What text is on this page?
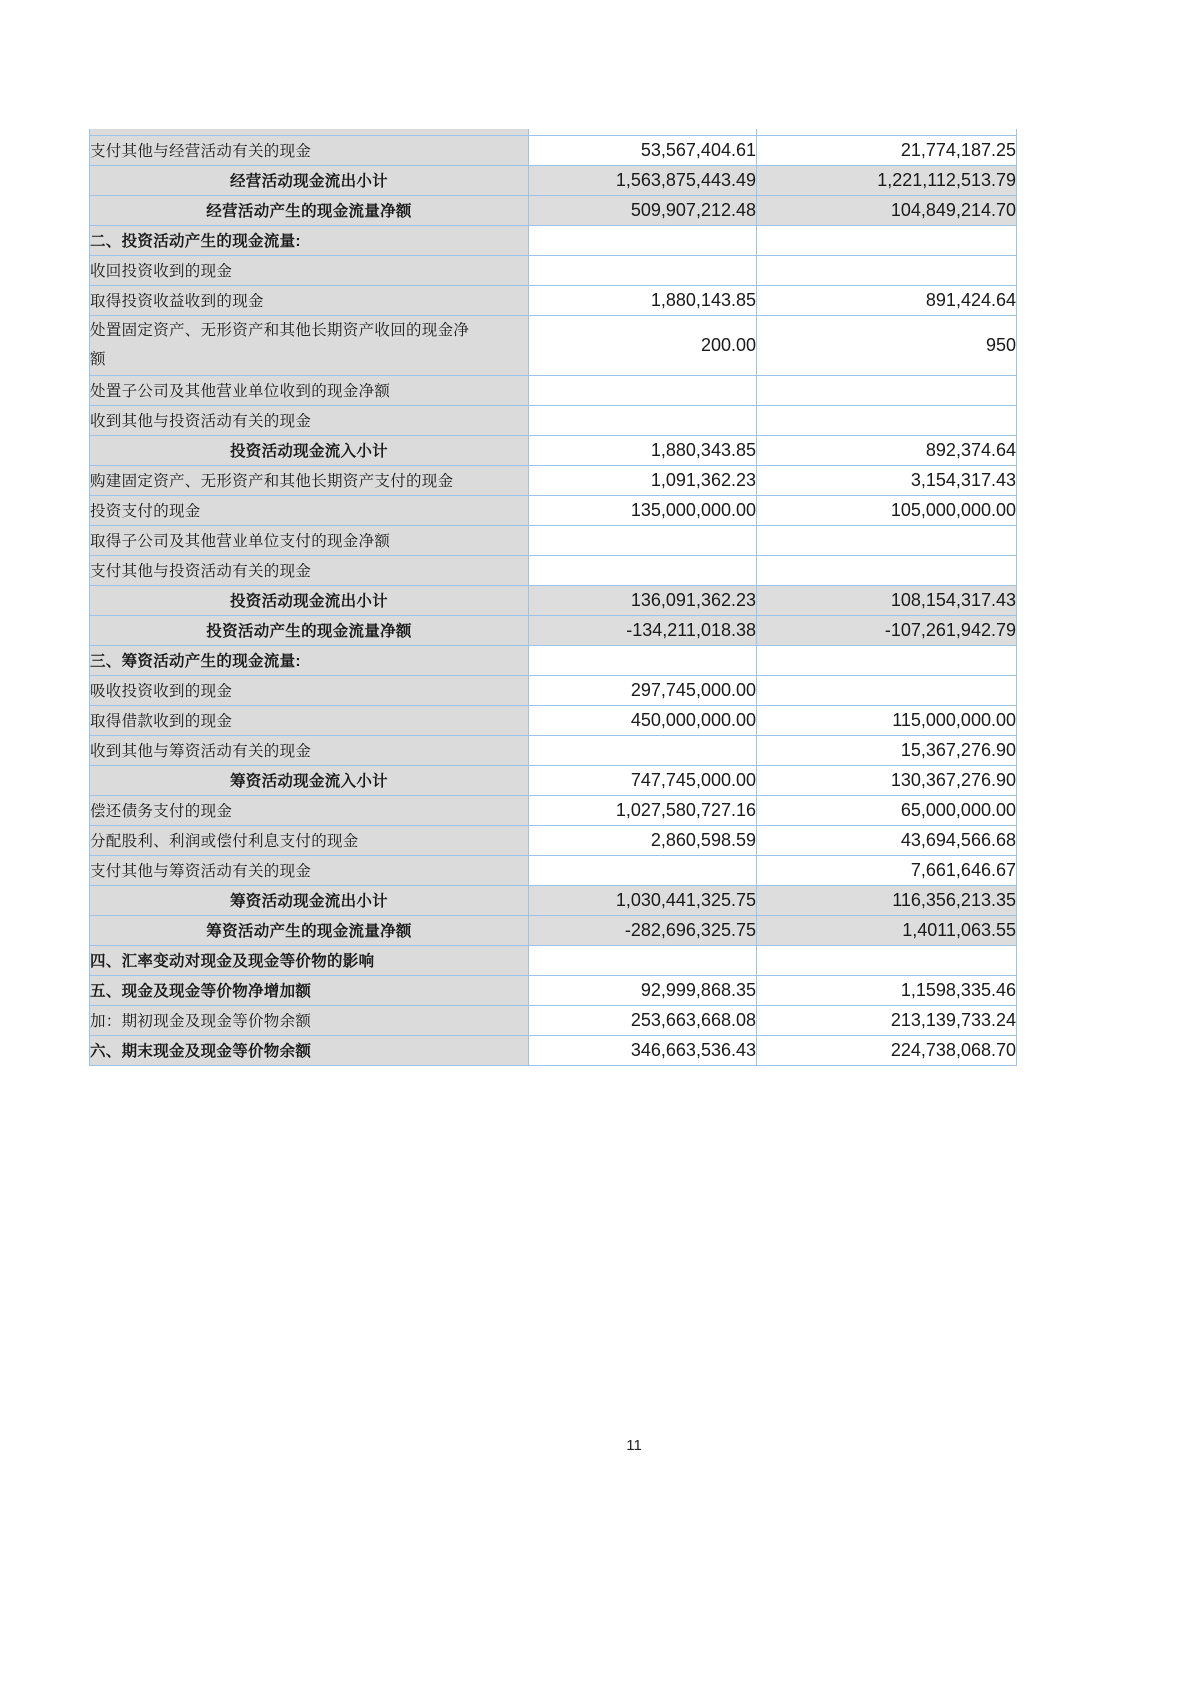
支付其他与经营活动有关的现金	53,567,404.61	21,774,187.25
经营活动现金流出小计	1,563,875,443.49	1,221,112,513.79
经营活动产生的现金流量净额	509,907,212.48	104,849,214.70
二、投资活动产生的现金流量:		
收回投资收到的现金		
取得投资收益收到的现金	1,880,143.85	891,424.64
处置固定资产、无形资产和其他长期资产收回的现金净额	200.00	950
处置子公司及其他营业单位收到的现金净额		
收到其他与投资活动有关的现金		
投资活动现金流入小计	1,880,343.85	892,374.64
购建固定资产、无形资产和其他长期资产支付的现金	1,091,362.23	3,154,317.43
投资支付的现金	135,000,000.00	105,000,000.00
取得子公司及其他营业单位支付的现金净额		
支付其他与投资活动有关的现金		
投资活动现金流出小计	136,091,362.23	108,154,317.43
投资活动产生的现金流量净额	-134,211,018.38	-107,261,942.79
三、筹资活动产生的现金流量:		
吸收投资收到的现金	297,745,000.00	
取得借款收到的现金	450,000,000.00	115,000,000.00
收到其他与筹资活动有关的现金		15,367,276.90
筹资活动现金流入小计	747,745,000.00	130,367,276.90
偿还债务支付的现金	1,027,580,727.16	65,000,000.00
分配股利、利润或偿付利息支付的现金	2,860,598.59	43,694,566.68
支付其他与筹资活动有关的现金		7,661,646.67
筹资活动现金流出小计	1,030,441,325.75	116,356,213.35
筹资活动产生的现金流量净额	-282,696,325.75	1,4011,063.55
四、汇率变动对现金及现金等价物的影响		
五、现金及现金等价物净增加额	92,999,868.35	1,1598,335.46
加：期初现金及现金等价物余额	253,663,668.08	213,139,733.24
六、期末现金及现金等价物余额	346,663,536.43	224,738,068.70
11
